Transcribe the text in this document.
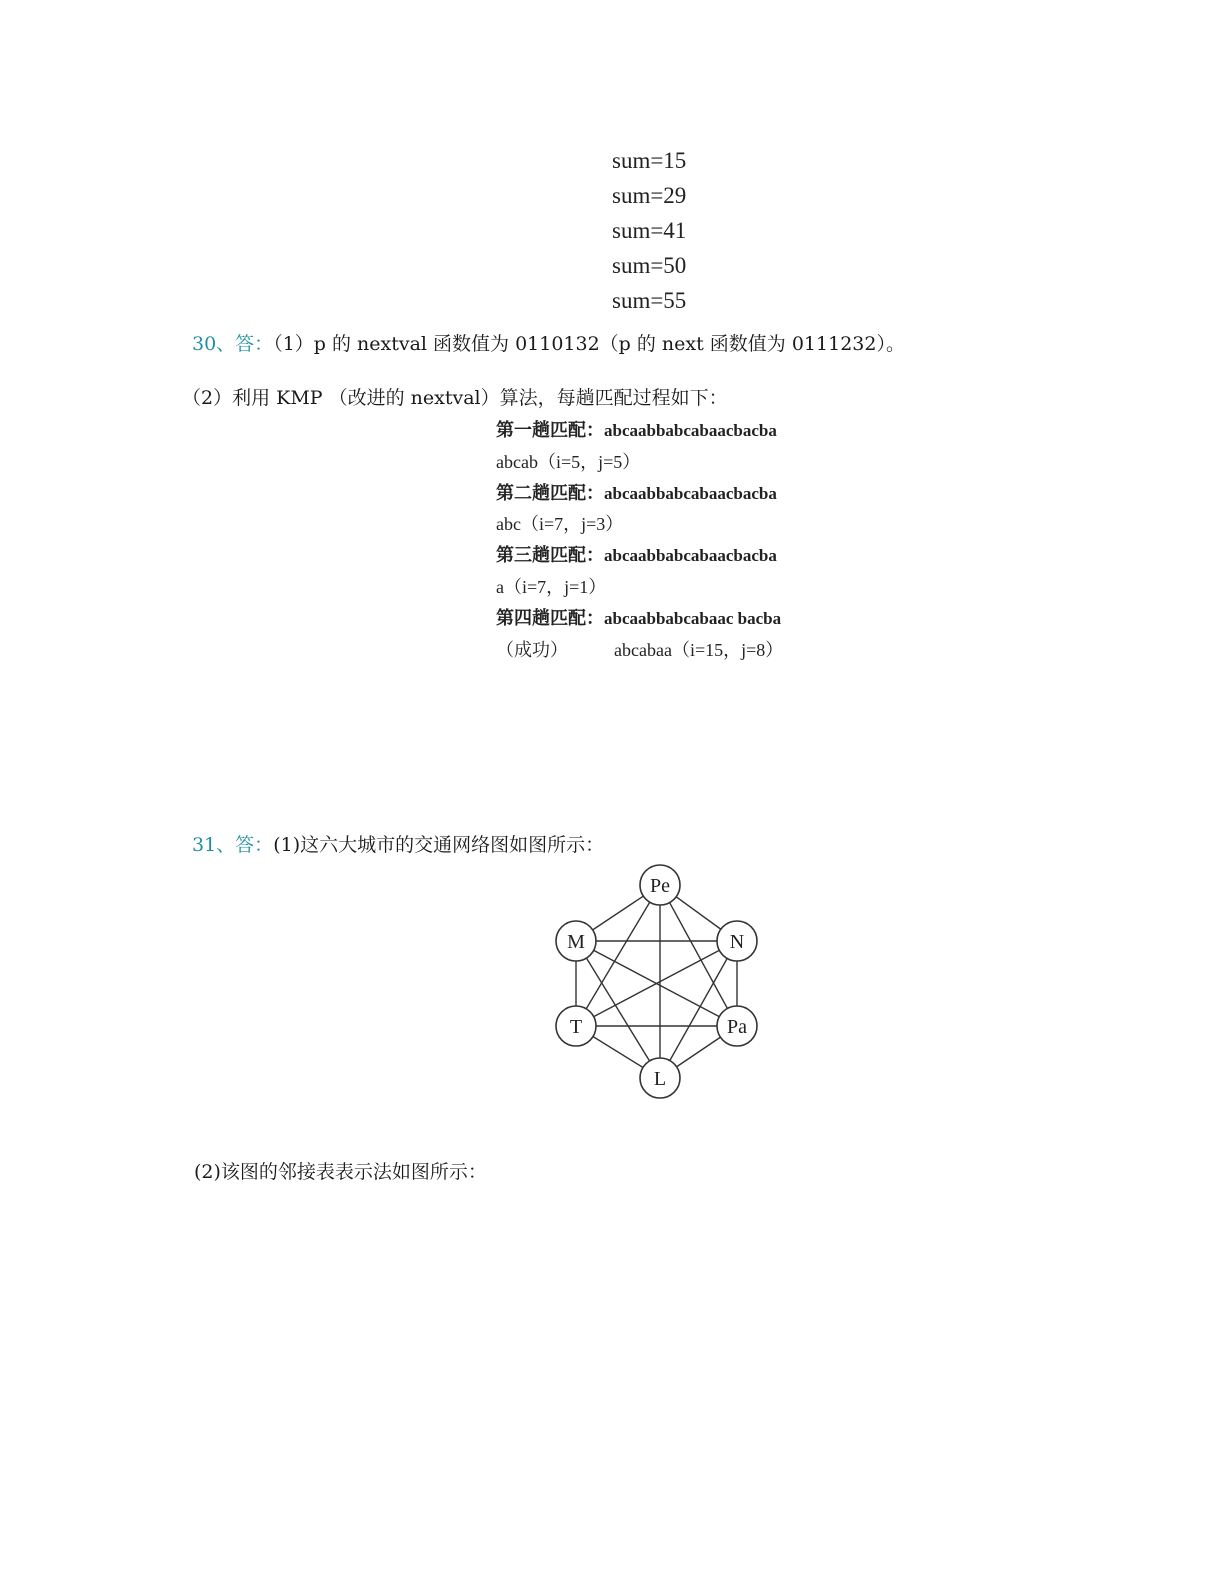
sum=15
sum=29
sum=41
sum=50
sum=55
30、答：（1）p 的 nextval 函数值为 0110132（p 的 next 函数值为 0111232）。
（2）利用 KMP （改进的 nextval）算法，每趟匹配过程如下：
第一趟匹配：abcaabbabcabaacbacba
abcab（i=5，j=5）
第二趟匹配：abcaabbabcabaacbacba
abc（i=7，j=3）
第三趟匹配：abcaabbabcabaacbacba
a（i=7，j=1）
第四趟匹配：abcaabbabcabaac bacba
（成功）	abcabaa（i=15，j=8）
31、答：(1)这六大城市的交通网络图如图所示：
Pe
N
Pa
L
T
M
(2)该图的邻接表表示法如图所示：
